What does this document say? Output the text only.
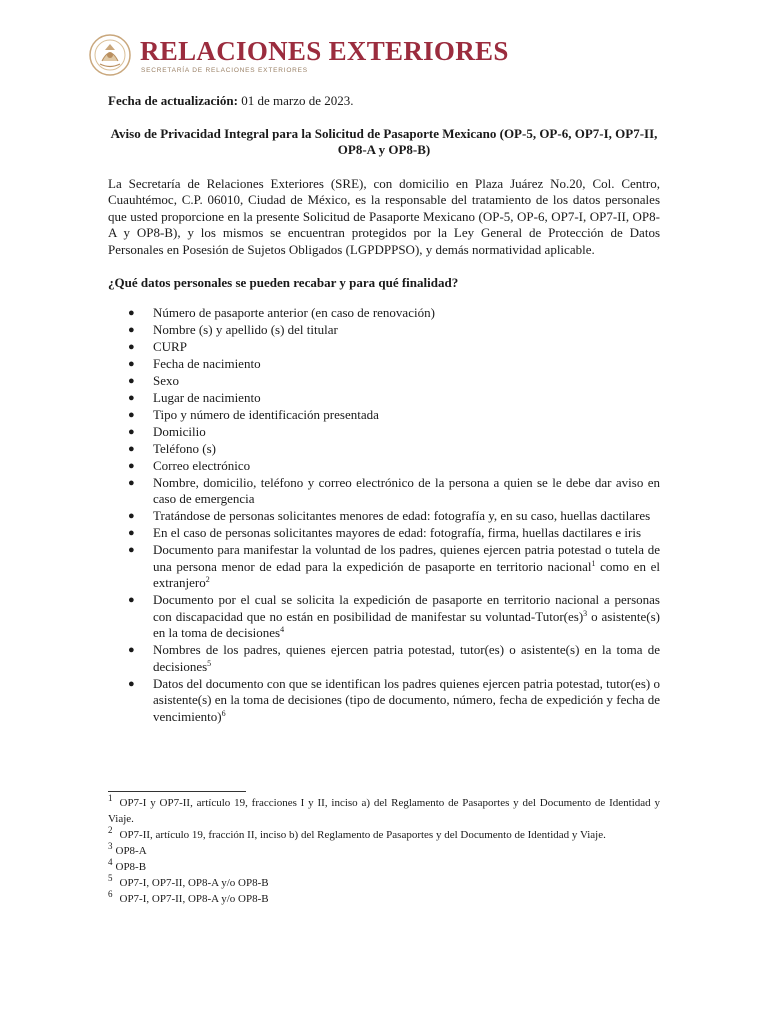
RELACIONES EXTERIORES
SECRETARÍA DE RELACIONES EXTERIORES

Fecha de actualización: 01 de marzo de 2023.

Aviso de Privacidad Integral para la Solicitud de Pasaporte Mexicano (OP-5, OP-6, OP7-I, OP7-II, OP8-A y OP8-B)

La Secretaría de Relaciones Exteriores (SRE), con domicilio en Plaza Juárez No.20, Col. Centro, Cuauhtémoc, C.P. 06010, Ciudad de México, es la responsable del tratamiento de los datos personales que usted proporcione en la presente Solicitud de Pasaporte Mexicano (OP-5, OP-6, OP7-I, OP7-II, OP8-A y OP8-B), y los mismos se encuentran protegidos por la Ley General de Protección de Datos Personales en Posesión de Sujetos Obligados (LGPDPPSO), y demás normatividad aplicable.

¿Qué datos personales se pueden recabar y para qué finalidad?

● Número de pasaporte anterior (en caso de renovación)
● Nombre (s) y apellido (s) del titular
● CURP
● Fecha de nacimiento
● Sexo
● Lugar de nacimiento
● Tipo y número de identificación presentada
● Domicilio
● Teléfono (s)
● Correo electrónico
● Nombre, domicilio, teléfono y correo electrónico de la persona a quien se le debe dar aviso en caso de emergencia
● Tratándose de personas solicitantes menores de edad: fotografía y, en su caso, huellas dactilares
● En el caso de personas solicitantes mayores de edad: fotografía, firma, huellas dactilares e iris
● Documento para manifestar la voluntad de los padres, quienes ejercen patria potestad o tutela de una persona menor de edad para la expedición de pasaporte en territorio nacional$^1$ como en el extranjero$^2$
● Documento por el cual se solicita la expedición de pasaporte en territorio nacional a personas con discapacidad que no están en posibilidad de manifestar su voluntad-Tutor(es)$^3$ o asistente(s) en la toma de decisiones$^4$
● Nombres de los padres, quienes ejercen patria potestad, tutor(es) o asistente(s) en la toma de decisiones$^5$
● Datos del documento con que se identifican los padres quienes ejercen patria potestad, tutor(es) o asistente(s) en la toma de decisiones (tipo de documento, número, fecha de expedición y fecha de vencimiento)$^6$
$^1$ OP7-I y OP7-II, artículo 19, fracciones I y II, inciso a) del Reglamento de Pasaportes y del Documento de Identidad y Viaje.
$^2$ OP7-II, artículo 19, fracción II, inciso b) del Reglamento de Pasaportes y del Documento de Identidad y Viaje.
$^3$ OP8-A
$^4$ OP8-B
$^5$ OP7-I, OP7-II, OP8-A y/o OP8-B
$^6$ OP7-I, OP7-II, OP8-A y/o OP8-B
